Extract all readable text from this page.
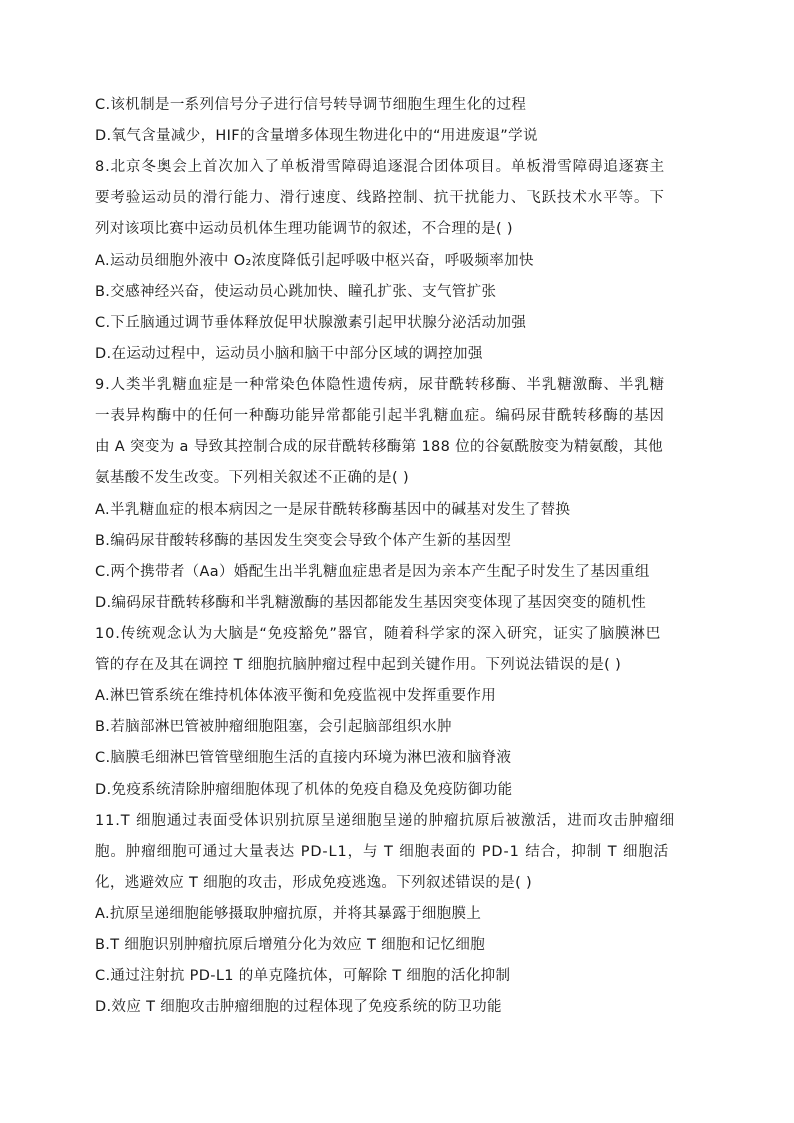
C.该机制是一系列信号分子进行信号转导调节细胞生理生化的过程
D.氧气含量减少，HIF的含量增多体现生物进化中的“用进废退”学说
8.北京冬奥会上首次加入了单板滑雪障碍追逐混合团体项目。单板滑雪障碍追逐赛主
要考验运动员的滑行能力、滑行速度、线路控制、抗干扰能力、飞跃技术水平等。下
列对该项比赛中运动员机体生理功能调节的叙述，不合理的是( )
A.运动员细胞外液中 O₂浓度降低引起呼吸中枢兴奋，呼吸频率加快
B.交感神经兴奋，使运动员心跳加快、瞳孔扩张、支气管扩张
C.下丘脑通过调节垂体释放促甲状腺激素引起甲状腺分泌活动加强
D.在运动过程中，运动员小脑和脑干中部分区域的调控加强
9.人类半乳糖血症是一种常染色体隐性遗传病，尿苷酰转移酶、半乳糖激酶、半乳糖
一表异构酶中的任何一种酶功能异常都能引起半乳糖血症。编码尿苷酰转移酶的基因
由 A 突变为 a 导致其控制合成的尿苷酰转移酶第 188 位的谷氨酰胺变为精氨酸，其他
氨基酸不发生改变。下列相关叙述不正确的是( )
A.半乳糖血症的根本病因之一是尿苷酰转移酶基因中的碱基对发生了替换
B.编码尿苷酸转移酶的基因发生突变会导致个体产生新的基因型
C.两个携带者（Aa）婚配生出半乳糖血症患者是因为亲本产生配子时发生了基因重组
D.编码尿苷酰转移酶和半乳糖激酶的基因都能发生基因突变体现了基因突变的随机性
10.传统观念认为大脑是“免疫豁免”器官，随着科学家的深入研究，证实了脑膜淋巴
管的存在及其在调控 T 细胞抗脑肿瘤过程中起到关键作用。下列说法错误的是( )
A.淋巴管系统在维持机体体液平衡和免疫监视中发挥重要作用
B.若脑部淋巴管被肿瘤细胞阻塞，会引起脑部组织水肿
C.脑膜毛细淋巴管管壁细胞生活的直接内环境为淋巴液和脑脊液
D.免疫系统清除肿瘤细胞体现了机体的免疫自稳及免疫防御功能
11.T 细胞通过表面受体识别抗原呈递细胞呈递的肿瘤抗原后被激活，进而攻击肿瘤细
胞。肿瘤细胞可通过大量表达 PD-L1，与 T 细胞表面的 PD-1 结合，抑制 T 细胞活
化，逃避效应 T 细胞的攻击，形成免疫逃逸。下列叙述错误的是( )
A.抗原呈递细胞能够摄取肿瘤抗原，并将其暴露于细胞膜上
B.T 细胞识别肿瘤抗原后增殖分化为效应 T 细胞和记忆细胞
C.通过注射抗 PD-L1 的单克隆抗体，可解除 T 细胞的活化抑制
D.效应 T 细胞攻击肿瘤细胞的过程体现了免疫系统的防卫功能
